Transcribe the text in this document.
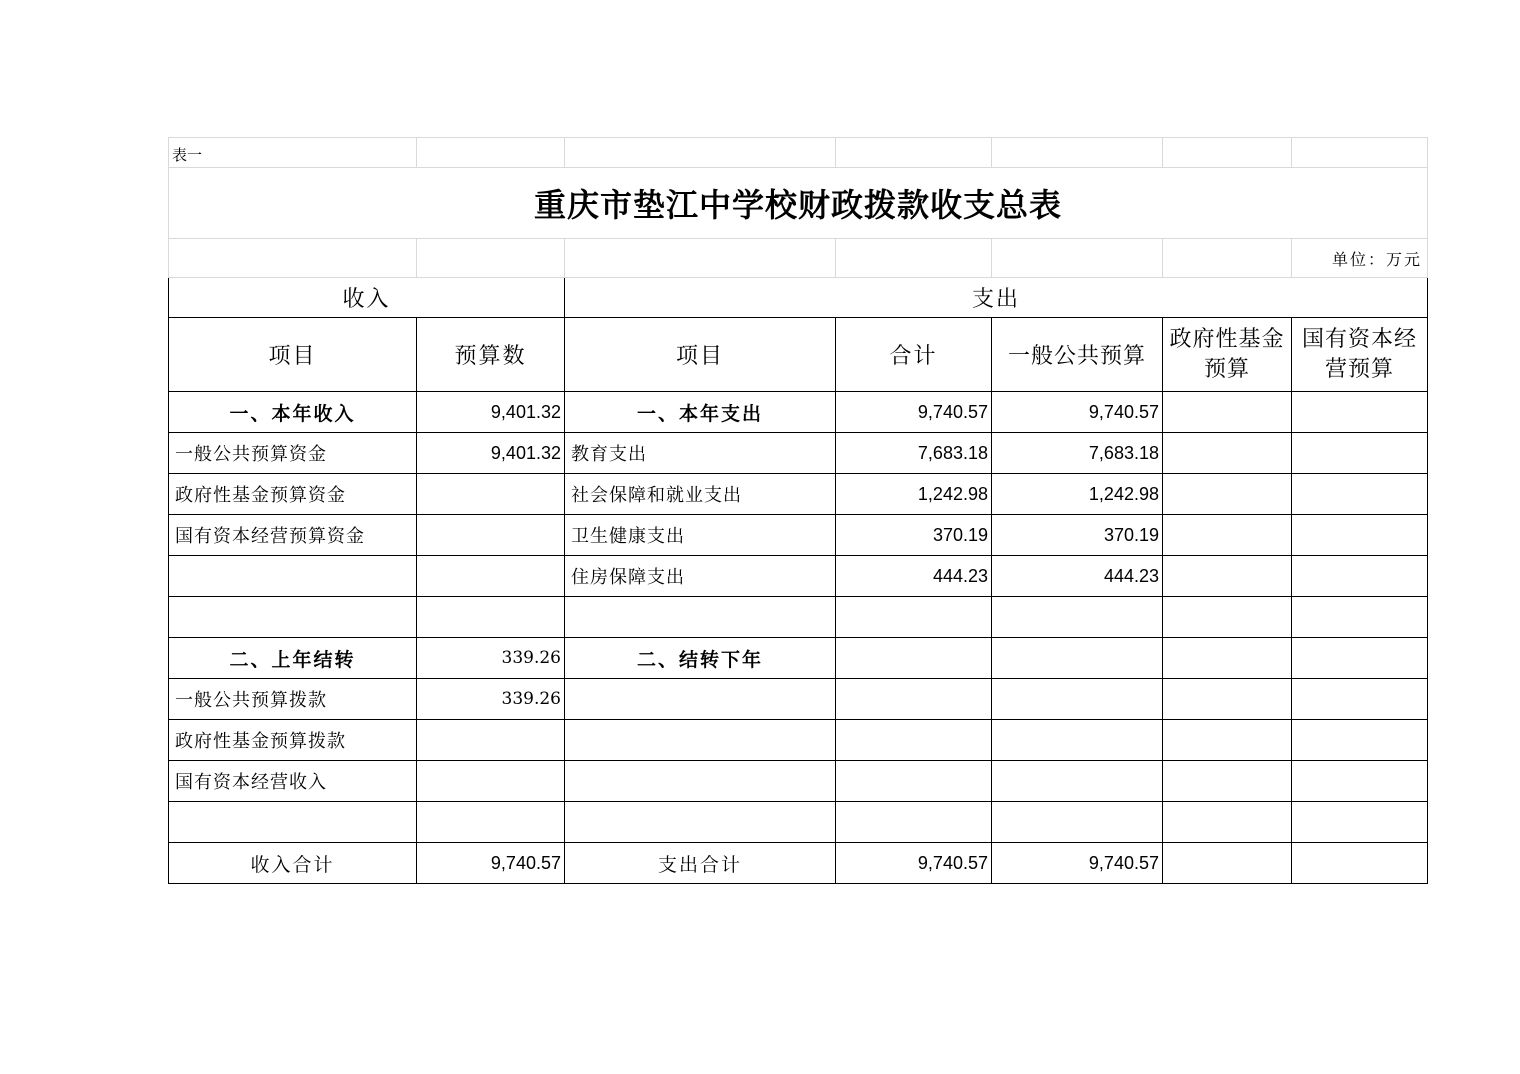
表一						
重庆市垫江中学校财政拨款收支总表						
						单位：万元
收入		支出				
项目	预算数	项目	合计	一般公共预算	政府性基金预算	国有资本经营预算
一、本年收入	9,401.32	一、本年支出	9,740.57	9,740.57		
一般公共预算资金	9,401.32	教育支出	7,683.18	7,683.18		
政府性基金预算资金		社会保障和就业支出	1,242.98	1,242.98		
国有资本经营预算资金		卫生健康支出	370.19	370.19		
		住房保障支出	444.23	444.23		

二、上年结转	339.26	二、结转下年				
一般公共预算拨款	339.26					
政府性基金预算拨款						
国有资本经营收入						

收入合计	9,740.57	支出合计	9,740.57	9,740.57		
